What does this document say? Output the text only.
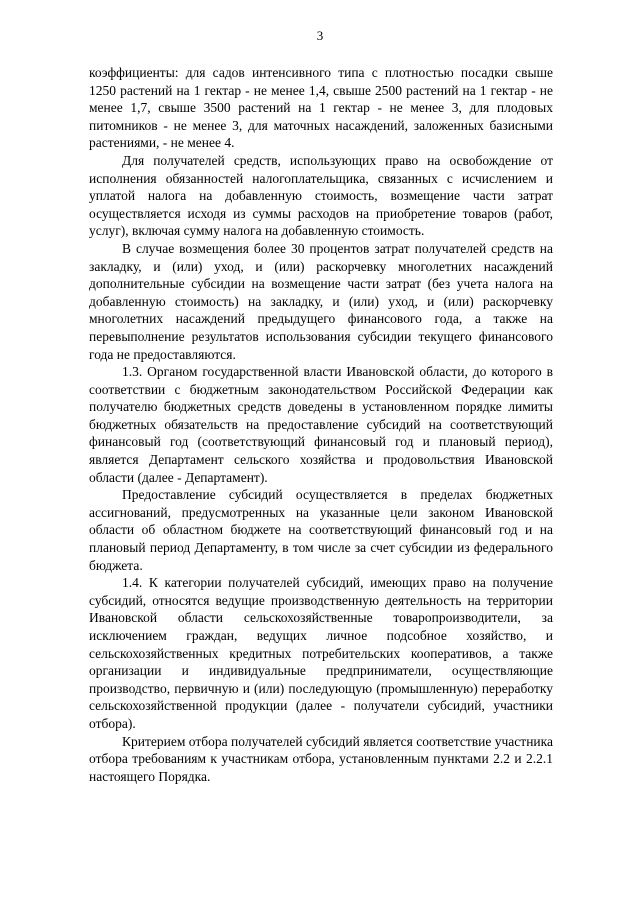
3

коэффициенты: для садов интенсивного типа с плотностью посадки свыше 1250 растений на 1 гектар - не менее 1,4, свыше 2500 растений на 1 гектар - не менее 1,7, свыше 3500 растений на 1 гектар - не менее 3, для плодовых питомников - не менее 3, для маточных насаждений, заложенных базисными растениями, - не менее 4.

Для получателей средств, использующих право на освобождение от исполнения обязанностей налогоплательщика, связанных с исчислением и уплатой налога на добавленную стоимость, возмещение части затрат осуществляется исходя из суммы расходов на приобретение товаров (работ, услуг), включая сумму налога на добавленную стоимость.

В случае возмещения более 30 процентов затрат получателей средств на закладку, и (или) уход, и (или) раскорчевку многолетних насаждений дополнительные субсидии на возмещение части затрат (без учета налога на добавленную стоимость) на закладку, и (или) уход, и (или) раскорчевку многолетних насаждений предыдущего финансового года, а также на перевыполнение результатов использования субсидии текущего финансового года не предоставляются.

1.3. Органом государственной власти Ивановской области, до которого в соответствии с бюджетным законодательством Российской Федерации как получателю бюджетных средств доведены в установленном порядке лимиты бюджетных обязательств на предоставление субсидий на соответствующий финансовый год (соответствующий финансовый год и плановый период), является Департамент сельского хозяйства и продовольствия Ивановской области (далее - Департамент).

Предоставление субсидий осуществляется в пределах бюджетных ассигнований, предусмотренных на указанные цели законом Ивановской области об областном бюджете на соответствующий финансовый год и на плановый период Департаменту, в том числе за счет субсидии из федерального бюджета.

1.4. К категории получателей субсидий, имеющих право на получение субсидий, относятся ведущие производственную деятельность на территории Ивановской области сельскохозяйственные товаропроизводители, за исключением граждан, ведущих личное подсобное хозяйство, и сельскохозяйственных кредитных потребительских кооперативов, а также организации и индивидуальные предприниматели, осуществляющие производство, первичную и (или) последующую (промышленную) переработку сельскохозяйственной продукции (далее - получатели субсидий, участники отбора).

Критерием отбора получателей субсидий является соответствие участника отбора требованиям к участникам отбора, установленным пунктами 2.2 и 2.2.1 настоящего Порядка.
